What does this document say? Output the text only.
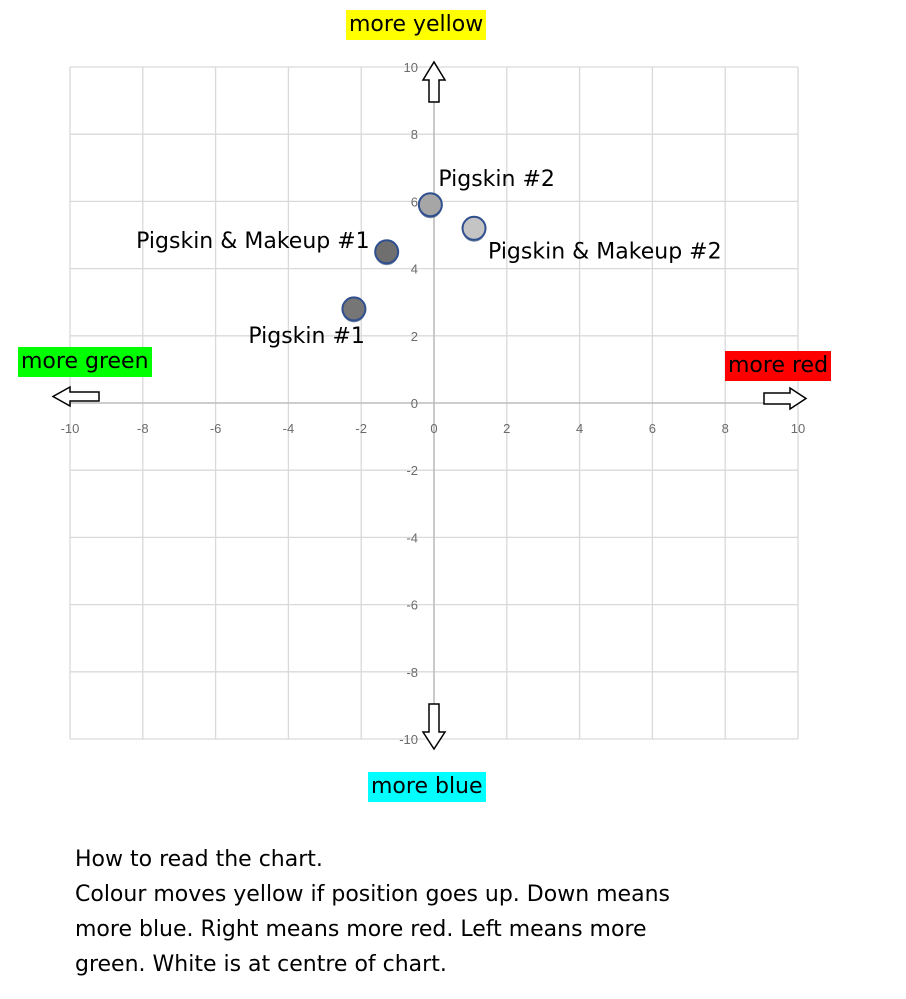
-10	-8	-6	-4	-2	0	2	4	6	8	10
10
8
6
4
2
0
-2
-4
-6
-8
-10
Pigskin #2
Pigskin & Makeup #2
Pigskin & Makeup #1
Pigskin #1
more yellow
more blue
more green	more red
How to read the chart.
Colour moves yellow if position goes up. Down means
more blue. Right means more red. Left means more
green. White is at centre of chart.
